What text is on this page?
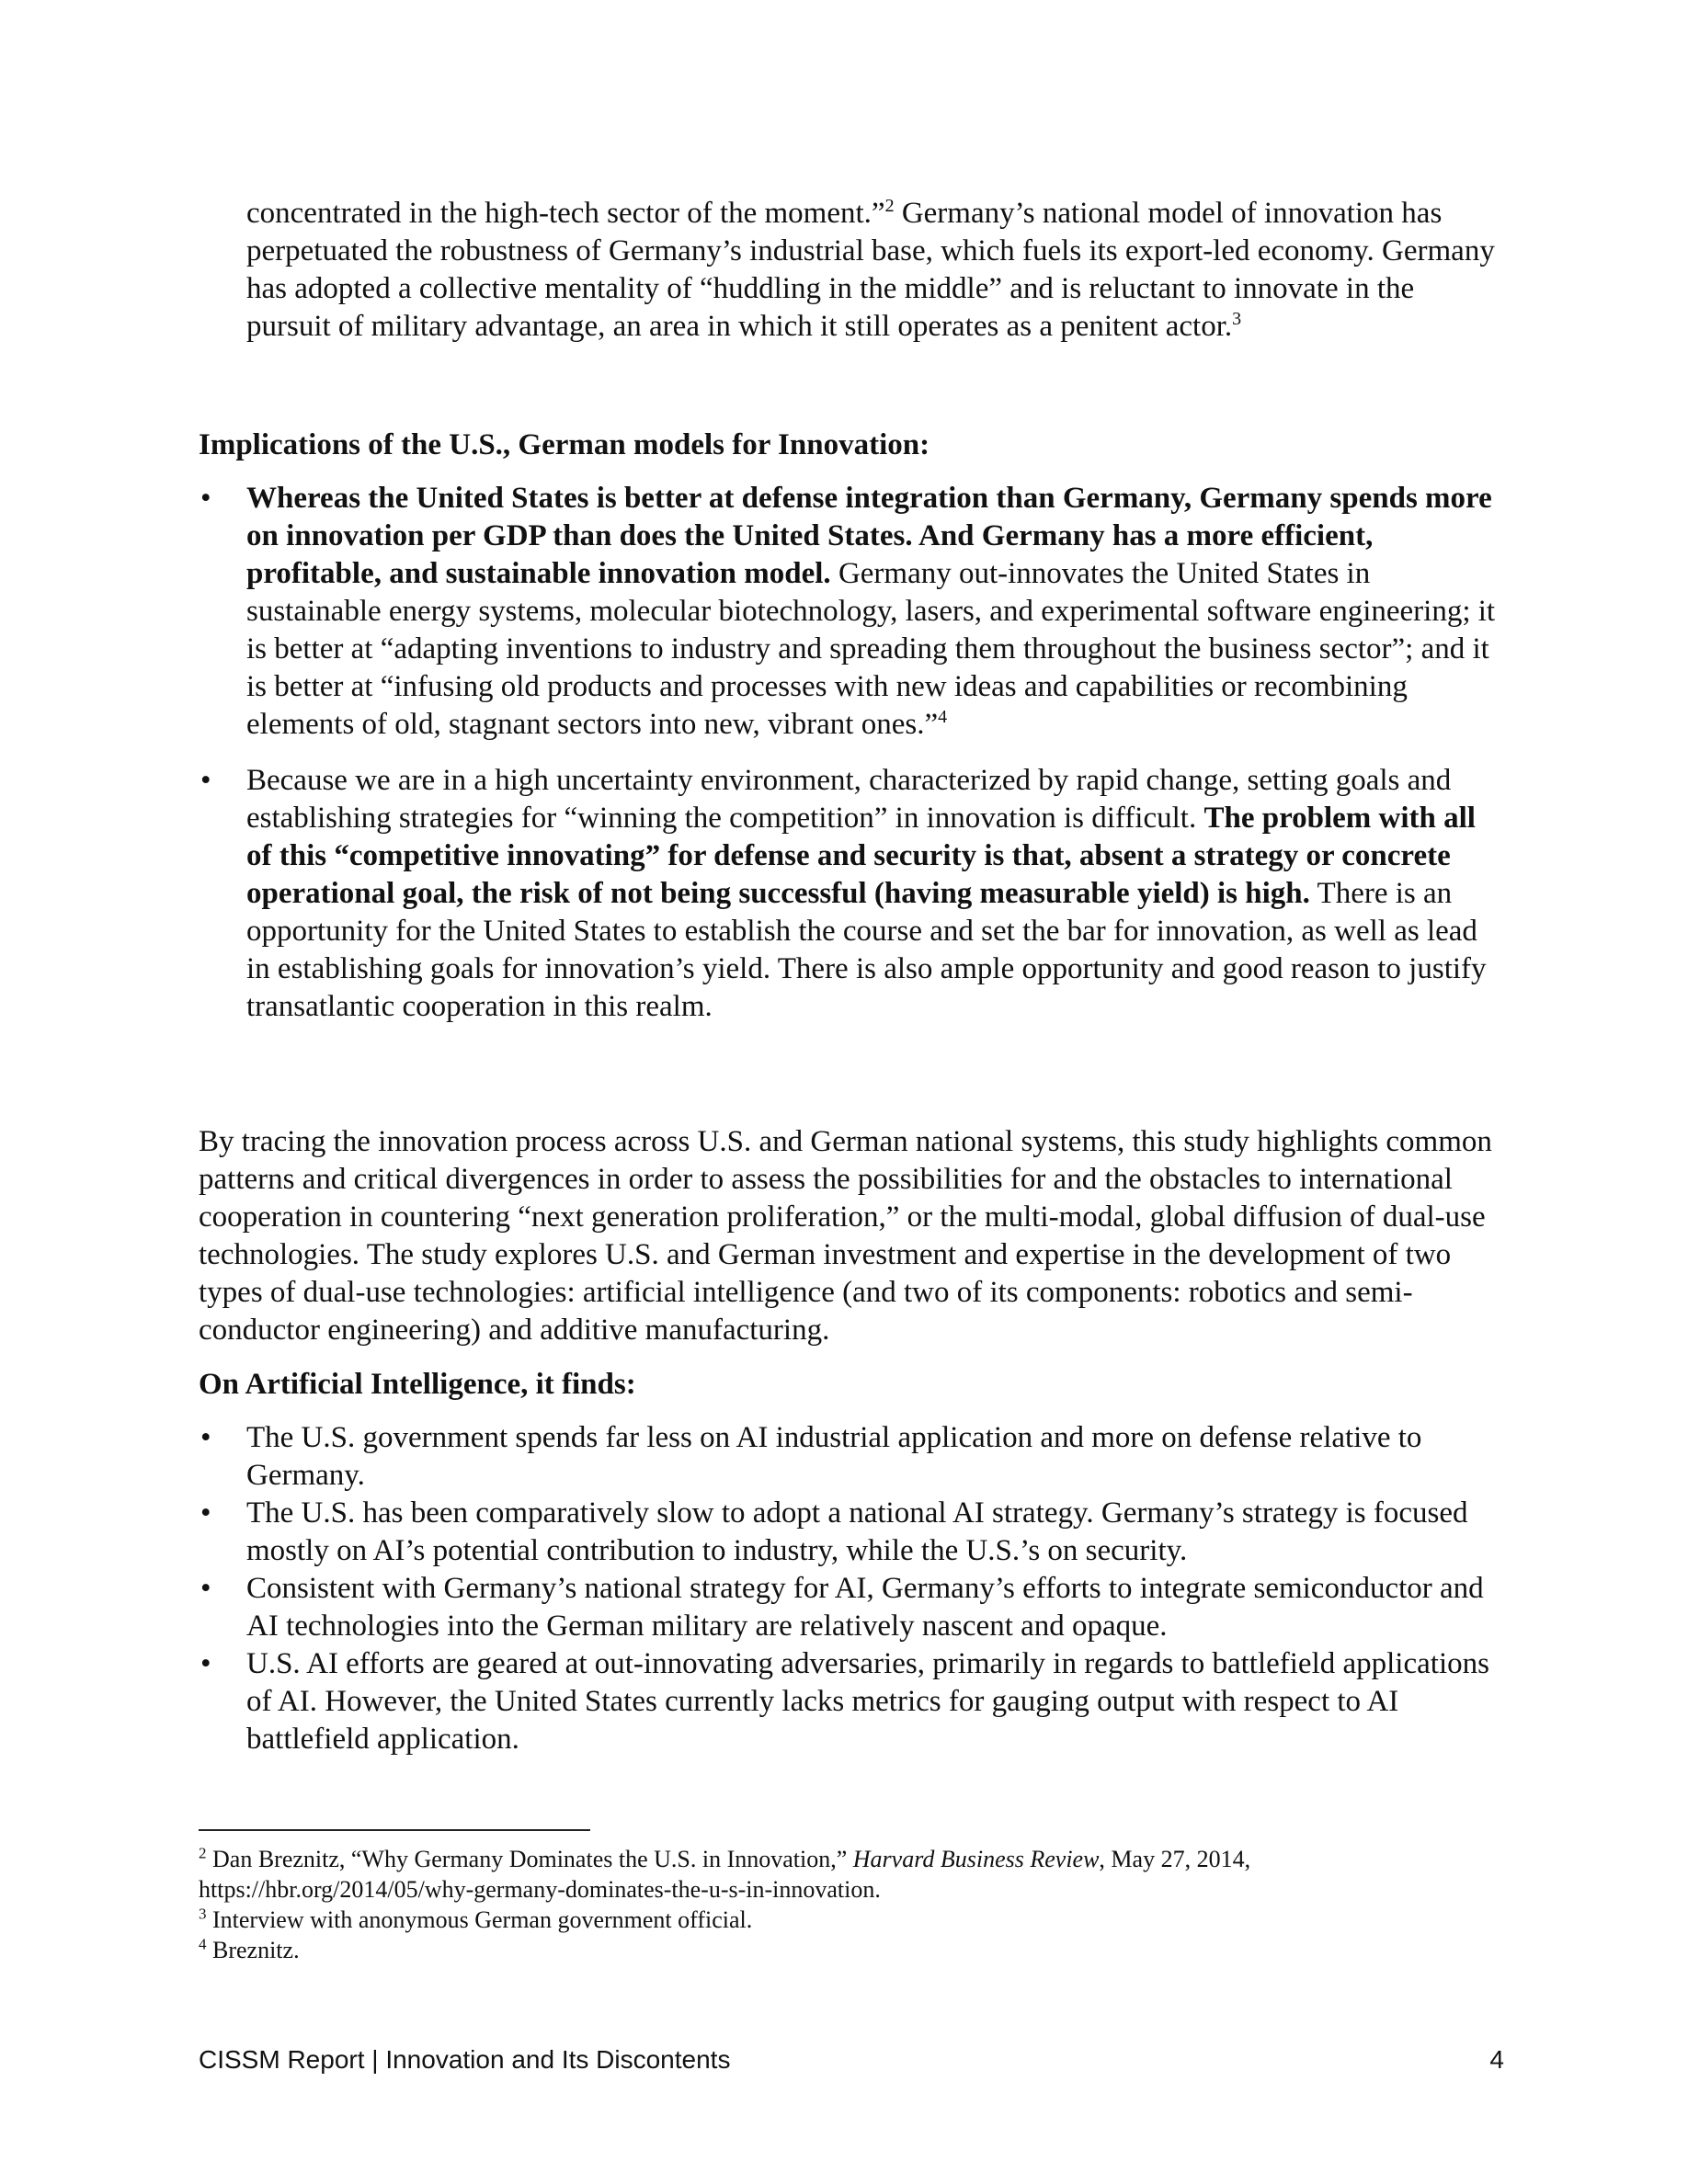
concentrated in the high-tech sector of the moment.”$^2$ Germany’s national model of innovation has perpetuated the robustness of Germany’s industrial base, which fuels its export-led economy. Germany has adopted a collective mentality of “huddling in the middle” and is reluctant to innovate in the pursuit of military advantage, an area in which it still operates as a penitent actor.$^3$

Implications of the U.S., German models for Innovation:

• Whereas the United States is better at defense integration than Germany, Germany spends more on innovation per GDP than does the United States. And Germany has a more efficient, profitable, and sustainable innovation model. Germany out-innovates the United States in sustainable energy systems, molecular biotechnology, lasers, and experimental software engineering; it is better at “adapting inventions to industry and spreading them throughout the business sector”; and it is better at “infusing old products and processes with new ideas and capabilities or recombining elements of old, stagnant sectors into new, vibrant ones.”$^4$
• Because we are in a high uncertainty environment, characterized by rapid change, setting goals and establishing strategies for “winning the competition” in innovation is difficult. The problem with all of this “competitive innovating” for defense and security is that, absent a strategy or concrete operational goal, the risk of not being successful (having measurable yield) is high. There is an opportunity for the United States to establish the course and set the bar for innovation, as well as lead in establishing goals for innovation’s yield. There is also ample opportunity and good reason to justify transatlantic cooperation in this realm.

By tracing the innovation process across U.S. and German national systems, this study highlights common patterns and critical divergences in order to assess the possibilities for and the obstacles to international cooperation in countering “next generation proliferation,” or the multi-modal, global diffusion of dual-use technologies. The study explores U.S. and German investment and expertise in the development of two types of dual-use technologies: artificial intelligence (and two of its components: robotics and semi-conductor engineering) and additive manufacturing.

On Artificial Intelligence, it finds:

• The U.S. government spends far less on AI industrial application and more on defense relative to Germany.
• The U.S. has been comparatively slow to adopt a national AI strategy. Germany’s strategy is focused mostly on AI’s potential contribution to industry, while the U.S.’s on security.
• Consistent with Germany’s national strategy for AI, Germany’s efforts to integrate semiconductor and AI technologies into the German military are relatively nascent and opaque.
• U.S. AI efforts are geared at out-innovating adversaries, primarily in regards to battlefield applications of AI. However, the United States currently lacks metrics for gauging output with respect to AI battlefield application.

$^2$ Dan Breznitz, “Why Germany Dominates the U.S. in Innovation,” Harvard Business Review, May 27, 2014, https://hbr.org/2014/05/why-germany-dominates-the-u-s-in-innovation.

$^3$ Interview with anonymous German government official.

$^4$ Breznitz.

CISSM Report | Innovation and Its Discontents	4
